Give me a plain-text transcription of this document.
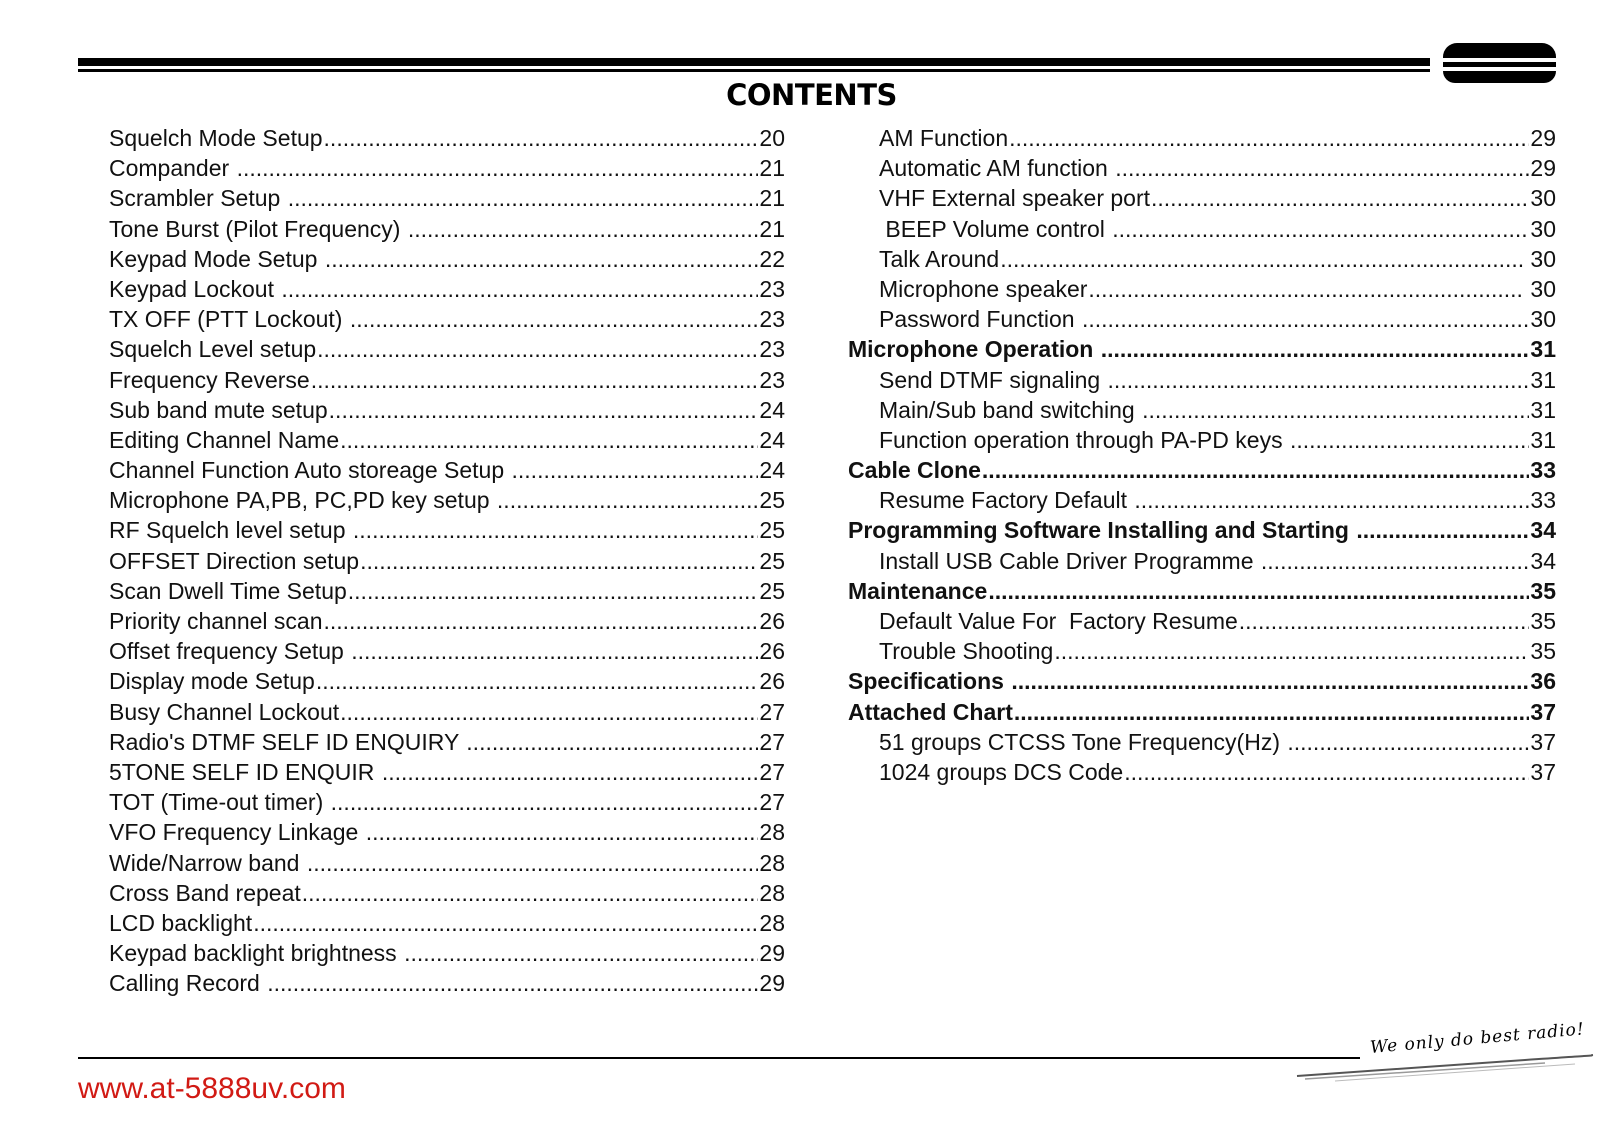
CONTENTS
Squelch Mode Setup .....	20
Compander .....	21
Scrambler Setup .....	21
Tone Burst (Pilot Frequency) .....	21
Keypad Mode Setup .....	22
Keypad Lockout .....	23
TX OFF (PTT Lockout) .....	23
Squelch Level setup .....	23
Frequency Reverse .....	23
Sub band mute setup .....	24
Editing Channel Name .....	24
Channel Function Auto storeage Setup .....	24
Microphone PA,PB, PC,PD key setup .....	25
RF Squelch level setup .....	25
OFFSET Direction setup .....	25
Scan Dwell Time Setup .....	25
Priority channel scan .....	26
Offset frequency Setup .....	26
Display mode Setup .....	26
Busy Channel Lockout .....	27
Radio's DTMF SELF ID ENQUIRY .....	27
5TONE SELF ID ENQUIR .....	27
TOT (Time-out timer) .....	27
VFO Frequency Linkage .....	28
Wide/Narrow band .....	28
Cross Band repeat .....	28
LCD backlight .....	28
Keypad backlight brightness .....	29
Calling Record .....	29
AM Function .....	29
Automatic AM function .....	29
VHF External speaker port .....	30
BEEP Volume control .....	30
Talk Around .....	30
Microphone speaker .....	30
Password Function .....	30
Microphone Operation .....	31
Send DTMF signaling .....	31
Main/Sub band switching .....	31
Function operation through PA-PD keys .....	31
Cable Clone .....	33
Resume Factory Default .....	33
Programming Software Installing and Starting .....	34
Install USB Cable Driver Programme .....	34
Maintenance .....	35
Default Value For  Factory Resume .....	35
Trouble Shooting .....	35
Specifications .....	36
Attached Chart .....	37
51 groups CTCSS Tone Frequency(Hz) .....	37
1024 groups DCS Code .....	37
We only do best radio!
www.at-5888uv.com
